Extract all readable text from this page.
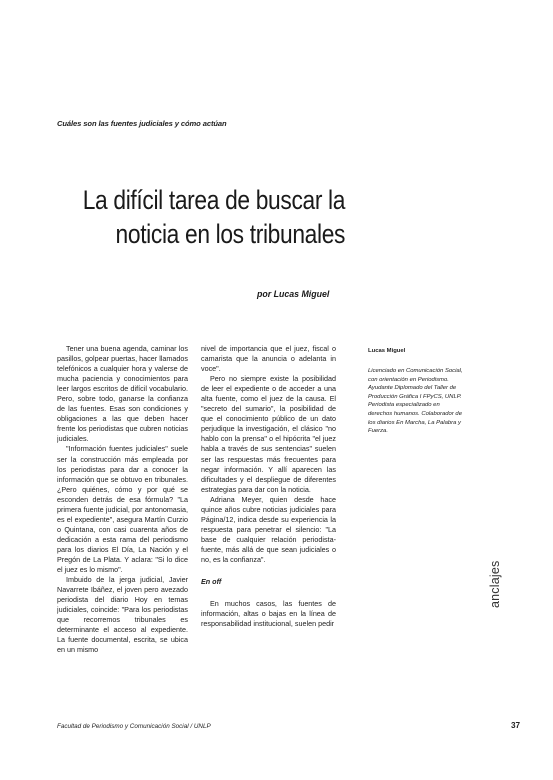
Cuáles son las fuentes judiciales y cómo actúan
La difícil tarea de buscar la
noticia en los tribunales
por Lucas Miguel

Tener una buena agenda, caminar los pasillos, golpear puertas, hacer llamados telefónicos a cualquier hora y valerse de mucha paciencia y conocimientos para leer largos escritos de difícil vocabulario. Pero, sobre todo, ganarse la confianza de las fuentes. Esas son condiciones y obligaciones a las que deben hacer frente los periodistas que cubren noticias judiciales.

"Información fuentes judiciales" suele ser la construcción más empleada por los periodistas para dar a conocer la información que se obtuvo en tribunales. ¿Pero quiénes, cómo y por qué se esconden detrás de esa fórmula? "La primera fuente judicial, por antonomasia, es el expediente", asegura Martín Curzio o Quintana, con casi cuarenta años de dedicación a esta rama del periodismo para los diarios El Día, La Nación y el Pregón de La Plata. Y aclara: "Si lo dice el juez es lo mismo".

Imbuido de la jerga judicial, Javier Navarrete Ibáñez, el joven pero avezado periodista del diario Hoy en temas judiciales, coincide: "Para los periodistas que recorremos tribunales es determinante el acceso al expediente. La fuente documental, escrita, se ubica en un mismo

nivel de importancia que el juez, fiscal o camarista que la anuncia o adelanta in voce".

Pero no siempre existe la posibilidad de leer el expediente o de acceder a una alta fuente, como el juez de la causa. El "secreto del sumario", la posibilidad de que el conocimiento público de un dato perjudique la investigación, el clásico "no hablo con la prensa" o el hipócrita "el juez habla a través de sus sentencias" suelen ser las respuestas más frecuentes para negar información. Y allí aparecen las dificultades y el despliegue de diferentes estrategias para dar con la noticia.

Adriana Meyer, quien desde hace quince años cubre noticias judiciales para Página/12, indica desde su experiencia la respuesta para penetrar el silencio: "La base de cualquier relación periodista-fuente, más allá de que sean judiciales o no, es la confianza".

En off

En muchos casos, las fuentes de información, altas o bajas en la línea de responsabilidad institucional, suelen pedir

Lucas Miguel
Licenciado en Comunicación Social, con orientación en Periodismo. Ayudante Diplomado del Taller de Producción Gráfica I FPyCS, UNLP. Periodista especializado en derechos humanos. Colaborador de los diarios En Marcha, La Palabra y Fuerza.
anclajes
Facultad de Periodismo y Comunicación Social / UNLP	37
